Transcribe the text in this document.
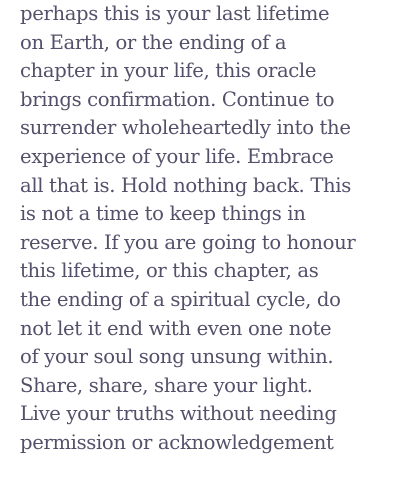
perhaps this is your last lifetime
on Earth, or the ending of a
chapter in your life, this oracle
brings confirmation. Continue to
surrender wholeheartedly into the
experience of your life. Embrace
all that is. Hold nothing back. This
is not a time to keep things in
reserve. If you are going to honour
this lifetime, or this chapter, as
the ending of a spiritual cycle, do
not let it end with even one note
of your soul song unsung within.
Share, share, share your light.
Live your truths without needing
permission or acknowledgement
